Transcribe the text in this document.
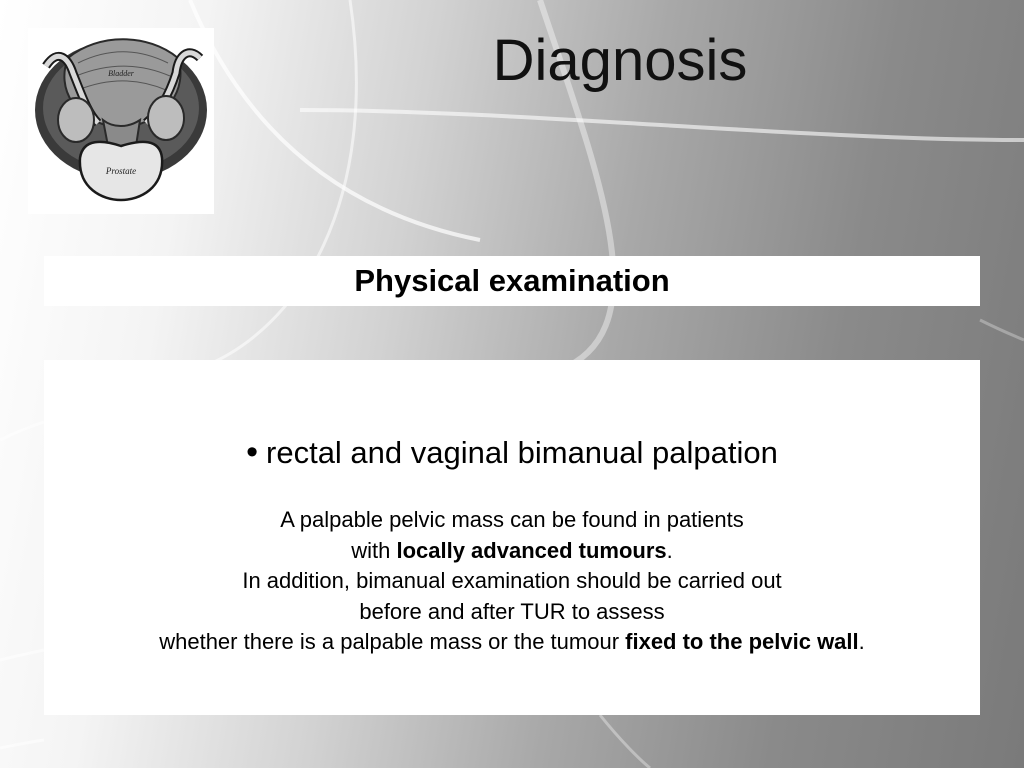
Prostate
Bladder	Diagnosis
Physical examination
• rectal and vaginal bimanual palpation
A palpable pelvic mass can be found in patients
with locally advanced tumours.
In addition, bimanual examination should be carried out
before and after TUR to assess
whether there is a palpable mass or the tumour fixed to the pelvic wall.
